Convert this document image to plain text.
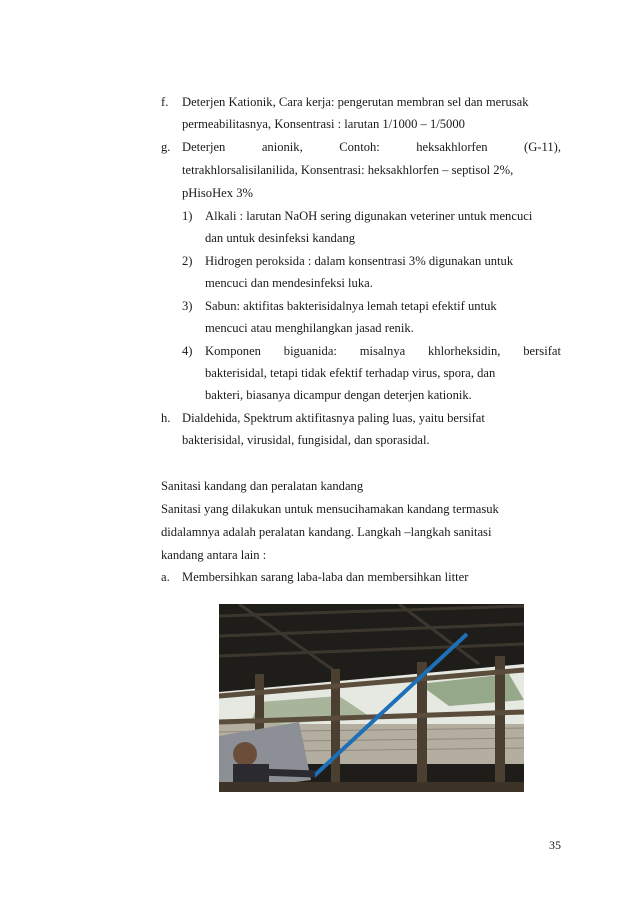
f. Deterjen Kationik, Cara kerja: pengerutan membran sel dan merusak
permeabilitasnya, Konsentrasi : larutan 1/1000 – 1/5000
g. Deterjen	anionik,	Contoh:	heksakhlorfen	(G-11),
tetrakhlorsalisilanilida, Konsentrasi: heksakhlorfen – septisol 2%,
pHisoHex 3%
1) Alkali : larutan NaOH sering digunakan veteriner untuk mencuci
dan untuk desinfeksi kandang
2) Hidrogen peroksida : dalam konsentrasi 3% digunakan untuk
mencuci dan mendesinfeksi luka.
3) Sabun: aktifitas bakterisidalnya lemah tetapi efektif untuk
mencuci atau menghilangkan jasad renik.
4) Komponen biguanida: misalnya khlorheksidin, bersifat
bakterisidal, tetapi tidak efektif terhadap virus, spora, dan
bakteri, biasanya dicampur dengan deterjen kationik.
h. Dialdehida, Spektrum aktifitasnya paling luas, yaitu bersifat
bakterisidal, virusidal, fungisidal, dan sporasidal.
Sanitasi kandang dan peralatan kandang
Sanitasi yang dilakukan untuk mensucihamakan kandang termasuk
didalamnya adalah peralatan kandang. Langkah –langkah sanitasi
kandang antara lain :
a. Membersihkan sarang laba-laba dan membersihkan litter
35
